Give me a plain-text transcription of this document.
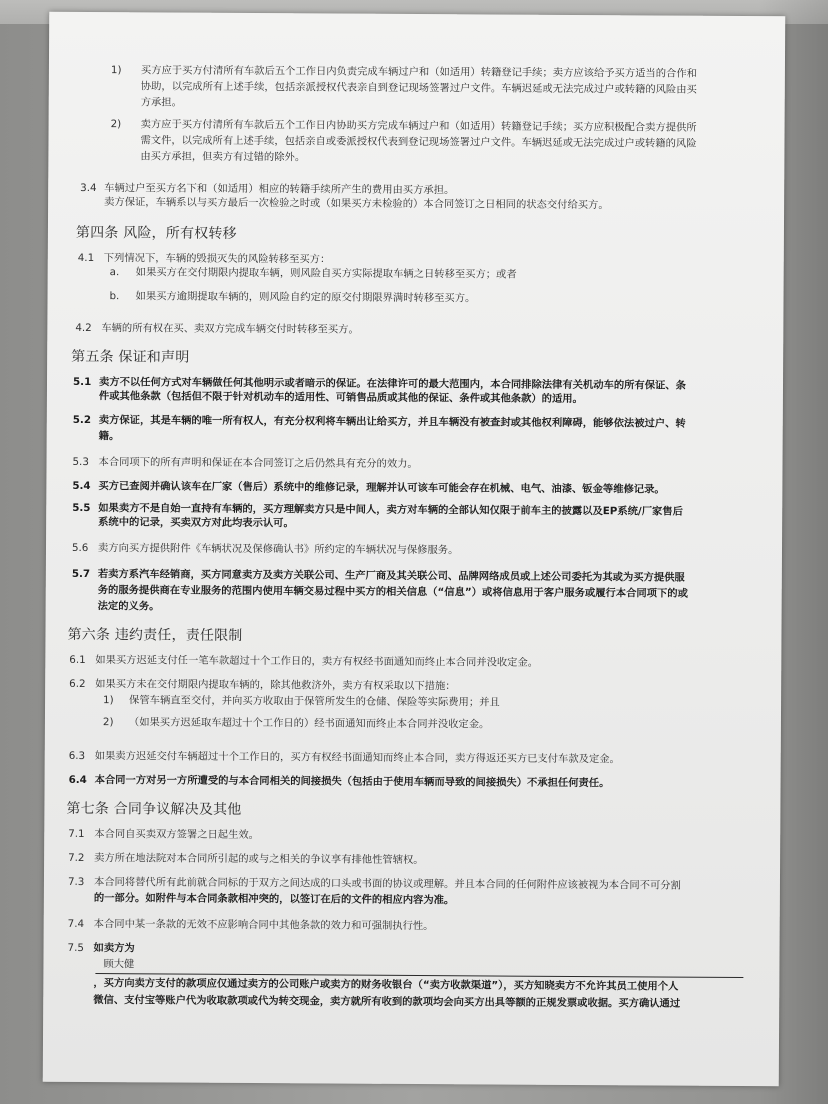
1) 买方应于买方付清所有车款后五个工作日内负责完成车辆过户和（如适用）转籍登记手续；卖方应该给予买方适当的合作和
协助，以完成所有上述手续，包括亲派授权代表亲自到登记现场签署过户文件。车辆迟延或无法完成过户或转籍的风险由买
方承担。
2) 卖方应于买方付清所有车款后五个工作日内协助买方完成车辆过户和（如适用）转籍登记手续；买方应积极配合卖方提供所
需文件，以完成所有上述手续，包括亲自或委派授权代表到登记现场签署过户文件。车辆迟延或无法完成过户或转籍的风险
由买方承担，但卖方有过错的除外。
3.4 车辆过户至买方名下和（如适用）相应的转籍手续所产生的费用由买方承担。
卖方保证，车辆系以与买方最后一次检验之时或（如果买方未检验的）本合同签订之日相同的状态交付给买方。
第四条 风险，所有权转移
4.1 下列情况下，车辆的毁损灭失的风险转移至买方：
a. 如果买方在交付期限内提取车辆，则风险自买方实际提取车辆之日转移至买方；或者
b. 如果买方逾期提取车辆的，则风险自约定的原交付期限界满时转移至买方。
4.2 车辆的所有权在买、卖双方完成车辆交付时转移至买方。
第五条 保证和声明
5.1 卖方不以任何方式对车辆做任何其他明示或者暗示的保证。在法律许可的最大范围内，本合同排除法律有关机动车的所有保证、条
件或其他条款（包括但不限于针对机动车的适用性、可销售品质或其他的保证、条件或其他条款）的适用。
5.2 卖方保证，其是车辆的唯一所有权人，有充分权利将车辆出让给买方，并且车辆没有被查封或其他权利障碍，能够依法被过户、转
籍。
5.3 本合同项下的所有声明和保证在本合同签订之后仍然具有充分的效力。
5.4 买方已查阅并确认该车在厂家（售后）系统中的维修记录，理解并认可该车可能会存在机械、电气、油漆、钣金等维修记录。
5.5 如果卖方不是自始一直持有车辆的，买方理解卖方只是中间人，卖方对车辆的全部认知仅限于前车主的披露以及EP系统/厂家售后
系统中的记录，买卖双方对此均表示认可。
5.6 卖方向买方提供附件《车辆状况及保修确认书》所约定的车辆状况与保修服务。
5.7 若卖方系汽车经销商，买方同意卖方及卖方关联公司、生产厂商及其关联公司、品牌网络成员或上述公司委托为其或为买方提供服
务的服务提供商在专业服务的范围内使用车辆交易过程中买方的相关信息（“信息”）或将信息用于客户服务或履行本合同项下的或
法定的义务。
第六条 违约责任，责任限制
6.1 如果买方迟延支付任一笔车款超过十个工作日的，卖方有权经书面通知而终止本合同并没收定金。
6.2 如果买方未在交付期限内提取车辆的，除其他救济外，卖方有权采取以下措施：
1) 保管车辆直至交付，并向买方收取由于保管所发生的仓储、保险等实际费用；并且
2) （如果买方迟延取车超过十个工作日的）经书面通知而终止本合同并没收定金。
6.3 如果卖方迟延交付车辆超过十个工作日的，买方有权经书面通知而终止本合同，卖方得返还买方已支付车款及定金。
6.4 本合同一方对另一方所遭受的与本合同相关的间接损失（包括由于使用车辆而导致的间接损失）不承担任何责任。
第七条 合同争议解决及其他
7.1 本合同自买卖双方签署之日起生效。
7.2 卖方所在地法院对本合同所引起的或与之相关的争议享有排他性管辖权。
7.3 本合同将替代所有此前就合同标的于双方之间达成的口头或书面的协议或理解。并且本合同的任何附件应该被视为本合同不可分割
的一部分。如附件与本合同条款相冲突的，以签订在后的文件的相应内容为准。
7.4 本合同中某一条款的无效不应影响合同中其他条款的效力和可强制执行性。
7.5 如卖方为
顾大健
，买方向卖方支付的款项应仅通过卖方的公司账户或卖方的财务收银台（“卖方收款渠道”），买方知晓卖方不允许其员工使用个人
微信、支付宝等账户代为收取款项或代为转交现金，卖方就所有收到的款项均会向买方出具等额的正规发票或收据。买方确认通过
